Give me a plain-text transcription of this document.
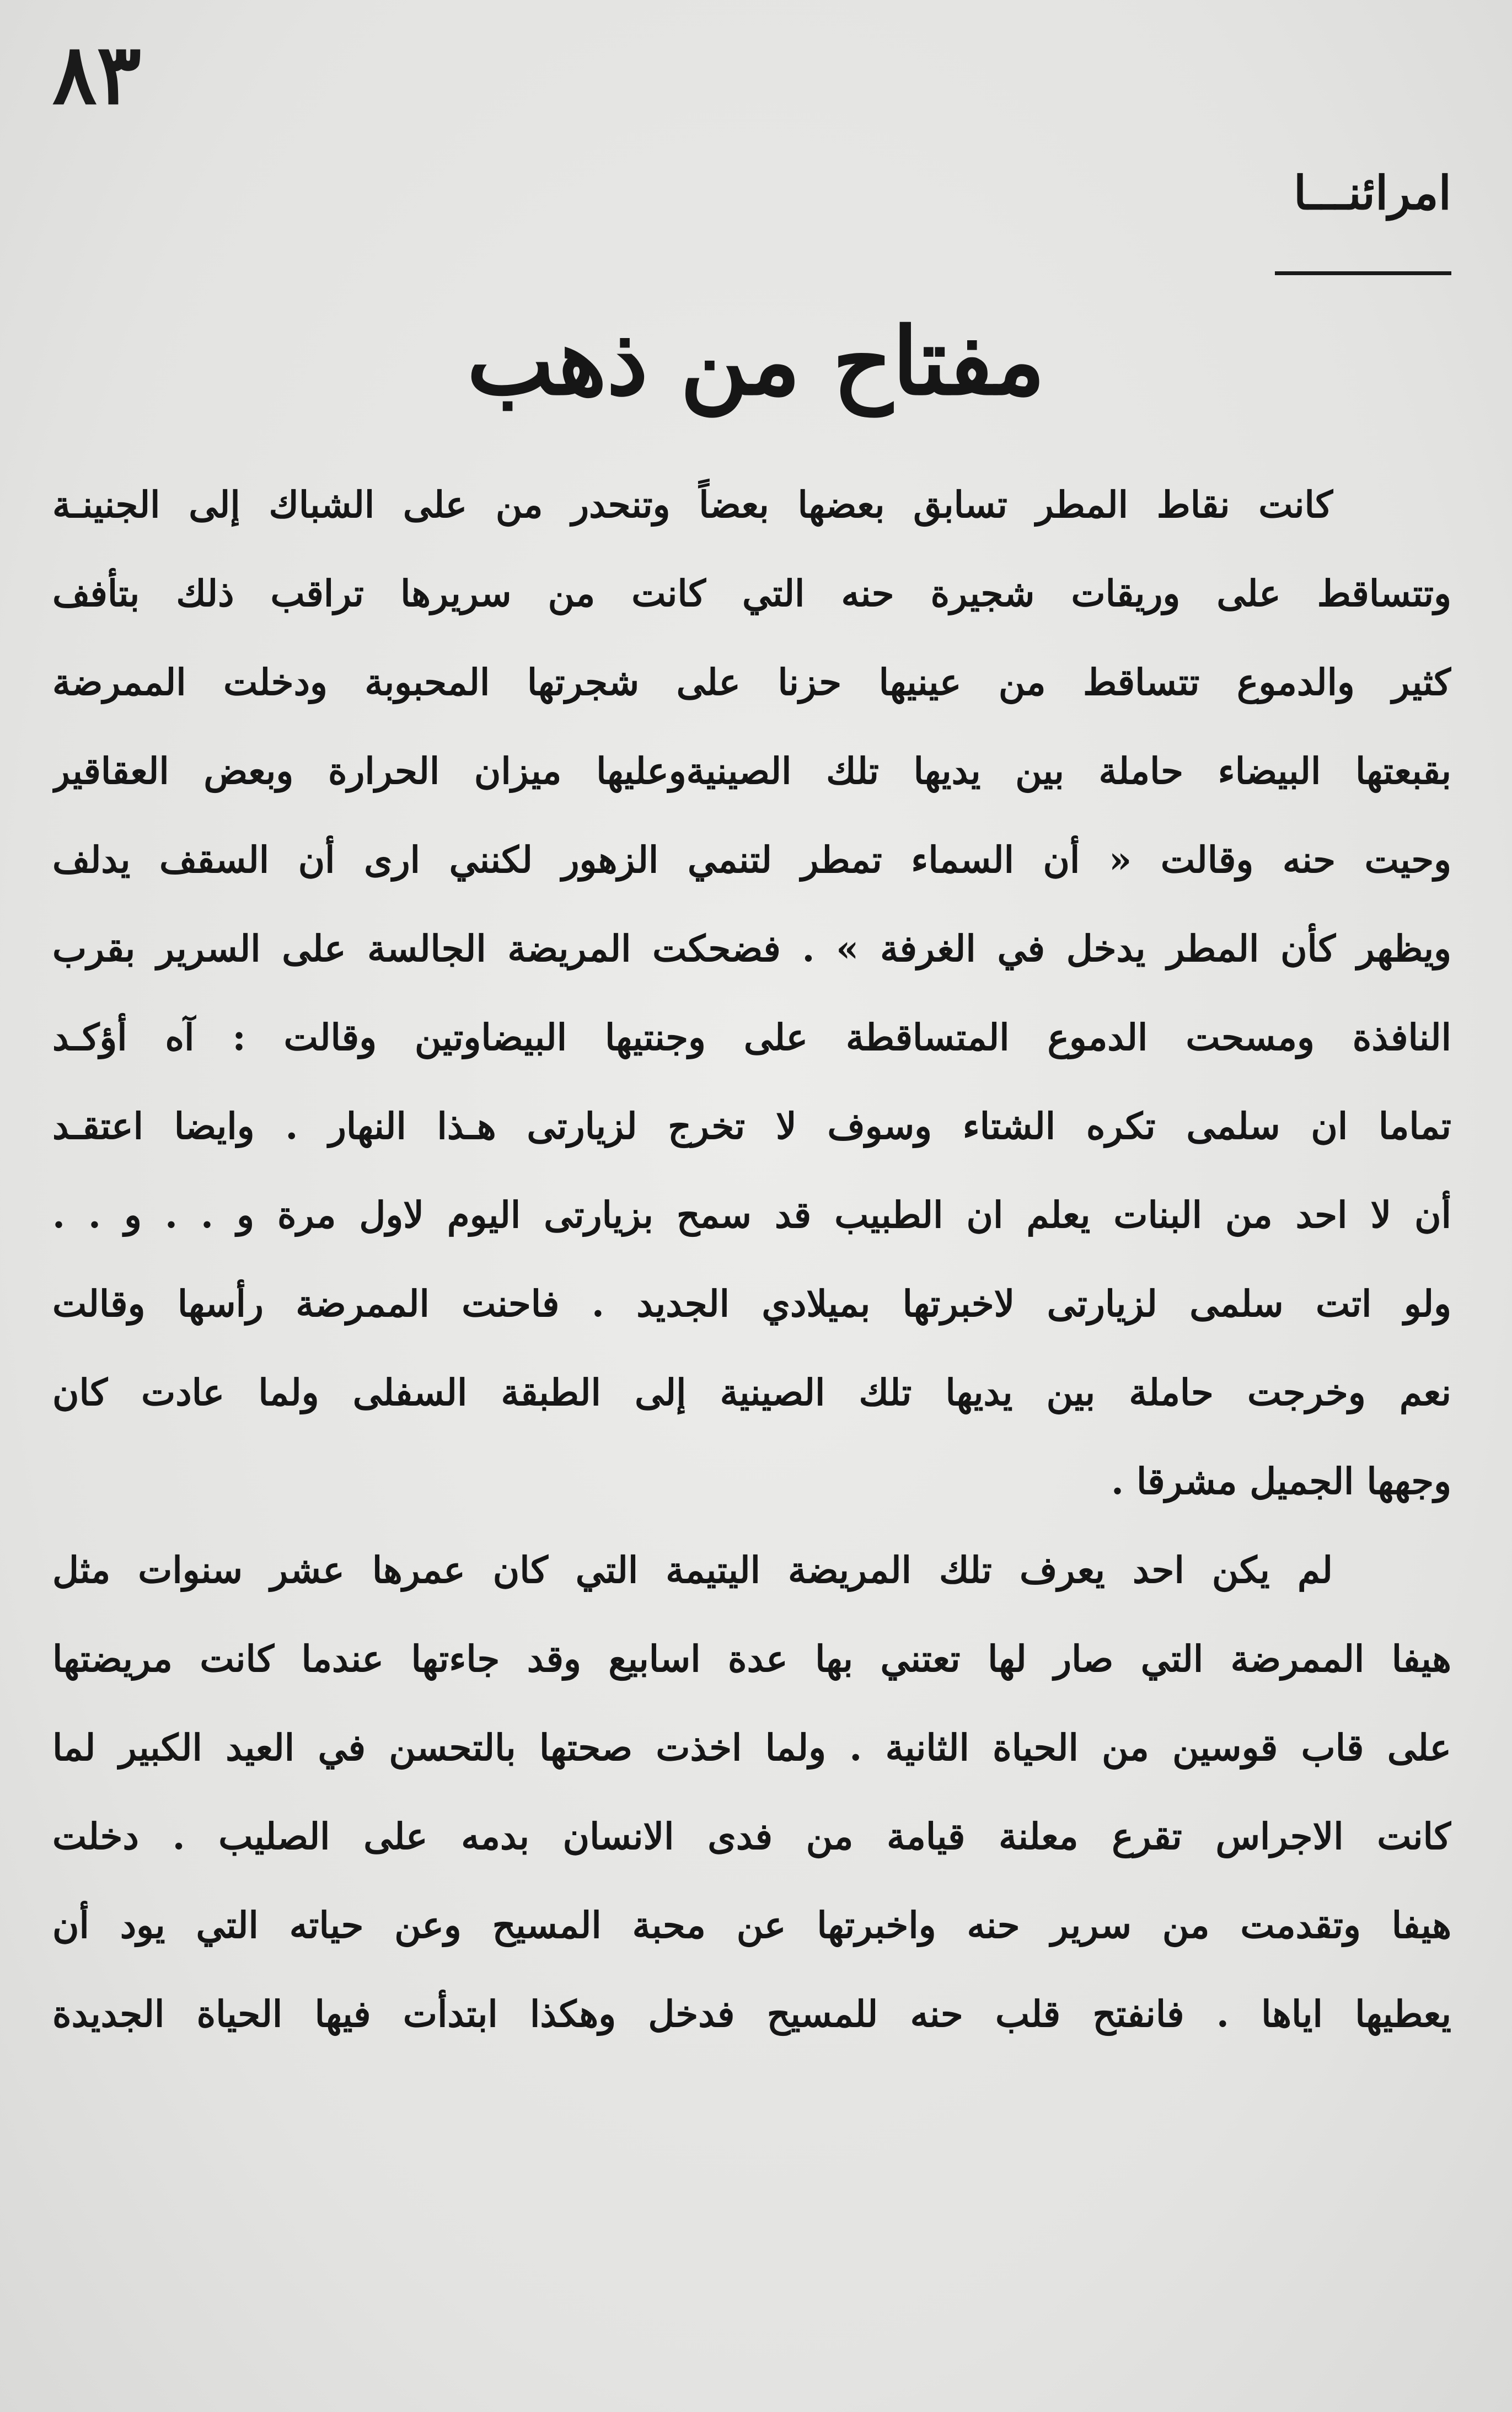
٨٣
امرائنـــا
مفتاح من ذهب
كانت نقاط المطر تسابق بعضها بعضاً وتنحدر من على الشباك إلى الجنينـة
وتتساقط على وريقات شجيرة حنه التي كانت من سريرها تراقب ذلك بتأفف
كثير والدموع تتساقط من عينيها حزنا على شجرتها المحبوبة ودخلت الممرضة
بقبعتها البيضاء حاملة بين يديها تلك الصينيةوعليها ميزان الحرارة وبعض العقاقير
وحيت حنه وقالت « أن السماء تمطر لتنمي الزهور لكنني ارى أن السقف يدلف
ويظهر كأن المطر يدخل في الغرفة » . فضحكت المريضة الجالسة على السرير بقرب
النافذة ومسحت الدموع المتساقطة على وجنتيها البيضاوتين وقالت : آه أؤكـد
تماما ان سلمى تكره الشتاء وسوف لا تخرج لزيارتى هـذا النهار . وايضا اعتقـد
أن لا احد من البنات يعلم ان الطبيب قد سمح بزيارتى اليوم لاول مرة و . . و . .
ولو اتت سلمى لزيارتى لاخبرتها بميلادي الجديد . فاحنت الممرضة رأسها وقالت
نعم وخرجت حاملة بين يديها تلك الصينية إلى الطبقة السفلى ولما عادت كان
وجهها الجميل مشرقا .
لم يكن احد يعرف تلك المريضة اليتيمة التي كان عمرها عشر سنوات مثل
هيفا الممرضة التي صار لها تعتني بها عدة اسابيع وقد جاءتها عندما كانت مريضتها
على قاب قوسين من الحياة الثانية . ولما اخذت صحتها بالتحسن في العيد الكبير لما
كانت الاجراس تقرع معلنة قيامة من فدى الانسان بدمه على الصليب . دخلت
هيفا وتقدمت من سرير حنه واخبرتها عن محبة المسيح وعن حياته التي يود أن
يعطيها اياها . فانفتح قلب حنه للمسيح فدخل وهكذا ابتدأت فيها الحياة الجديدة
